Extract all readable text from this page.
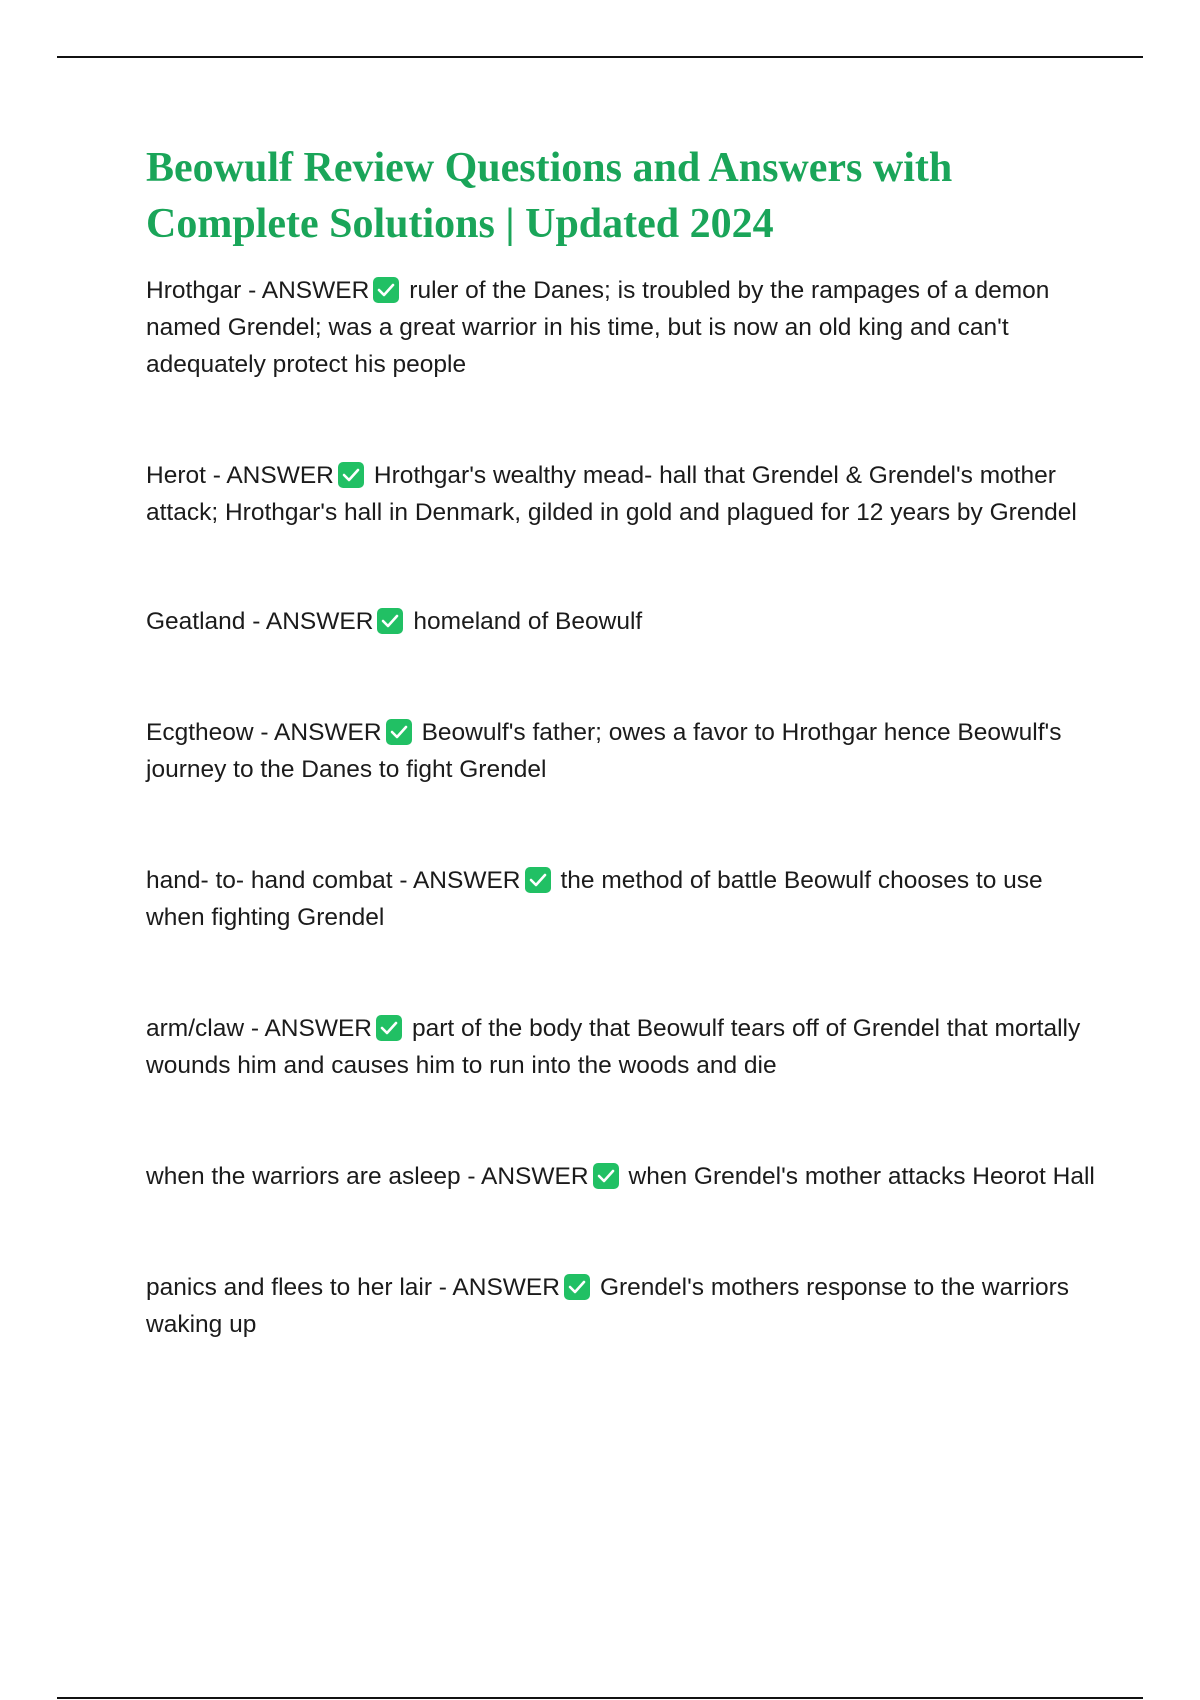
Beowulf Review Questions and Answers with Complete Solutions | Updated 2024

Hrothgar - ANSWER ruler of the Danes; is troubled by the rampages of a demon named Grendel; was a great warrior in his time, but is now an old king and can't adequately protect his people

Herot - ANSWER Hrothgar's wealthy mead- hall that Grendel & Grendel's mother attack; Hrothgar's hall in Denmark, gilded in gold and plagued for 12 years by Grendel

Geatland - ANSWER homeland of Beowulf

Ecgtheow - ANSWER Beowulf's father; owes a favor to Hrothgar hence Beowulf's journey to the Danes to fight Grendel

hand- to- hand combat - ANSWER the method of battle Beowulf chooses to use when fighting Grendel

arm/claw - ANSWER part of the body that Beowulf tears off of Grendel that mortally wounds him and causes him to run into the woods and die

when the warriors are asleep - ANSWER when Grendel's mother attacks Heorot Hall

panics and flees to her lair - ANSWER Grendel's mothers response to the warriors waking up
